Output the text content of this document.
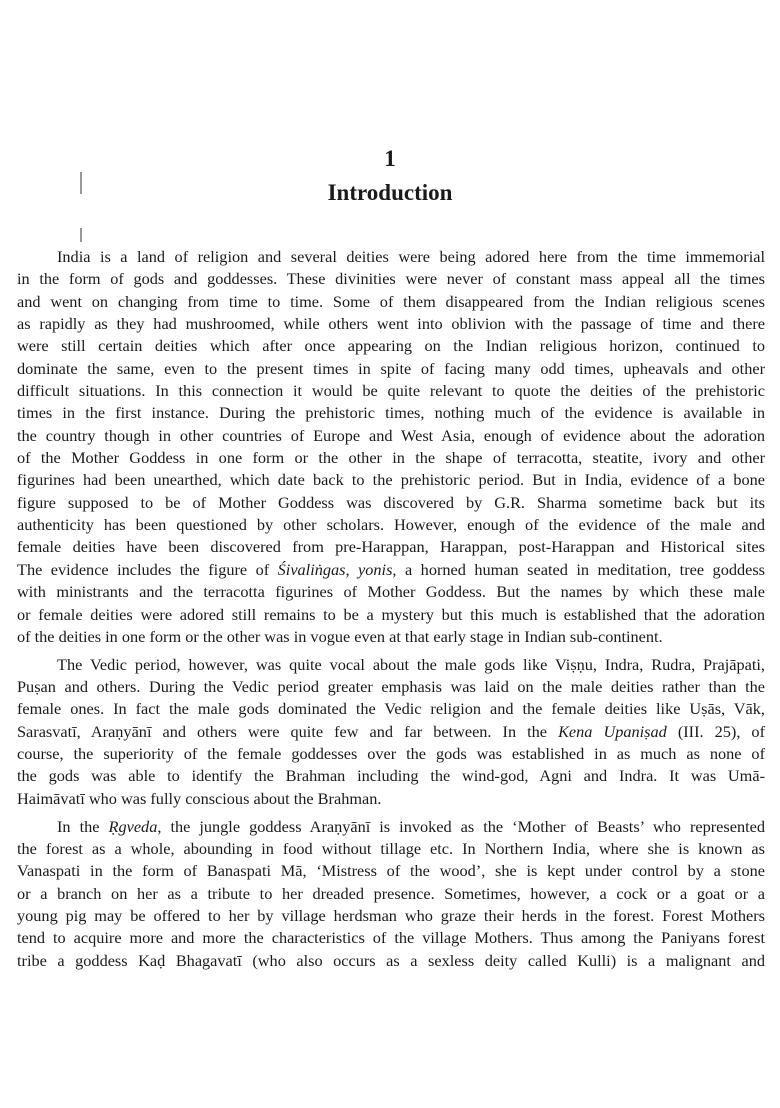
1
Introduction
India is a land of religion and several deities were being adored here from the time immemorial
in the form of gods and goddesses. These divinities were never of constant mass appeal all the times
and went on changing from time to time. Some of them disappeared from the Indian religious scenes
as rapidly as they had mushroomed, while others went into oblivion with the passage of time and there
were still certain deities which after once appearing on the Indian religious horizon, continued to
dominate the same, even to the present times in spite of facing many odd times, upheavals and other
difficult situations. In this connection it would be quite relevant to quote the deities of the prehistoric
times in the first instance. During the prehistoric times, nothing much of the evidence is available in
the country though in other countries of Europe and West Asia, enough of evidence about the adoration
of the Mother Goddess in one form or the other in the shape of terracotta, steatite, ivory and other
figurines had been unearthed, which date back to the prehistoric period. But in India, evidence of a bone
figure supposed to be of Mother Goddess was discovered by G.R. Sharma sometime back but its
authenticity has been questioned by other scholars. However, enough of the evidence of the male and
female deities have been discovered from pre-Harappan, Harappan, post-Harappan and Historical sites
The evidence includes the figure of Śivaliṅgas, yonis, a horned human seated in meditation, tree goddess
with ministrants and the terracotta figurines of Mother Goddess. But the names by which these male
or female deities were adored still remains to be a mystery but this much is established that the adoration
of the deities in one form or the other was in vogue even at that early stage in Indian sub-continent.
The Vedic period, however, was quite vocal about the male gods like Viṣṇu, Indra, Rudra, Prajāpati,
Puṣan and others. During the Vedic period greater emphasis was laid on the male deities rather than the
female ones. In fact the male gods dominated the Vedic religion and the female deities like Uṣās, Vāk,
Sarasvatī, Araṇyānī and others were quite few and far between. In the Kena Upaniṣad (III. 25), of
course, the superiority of the female goddesses over the gods was established in as much as none of
the gods was able to identify the Brahman including the wind-god, Agni and Indra. It was Umā-
Haimāvatī who was fully conscious about the Brahman.
In the Ṛgveda, the jungle goddess Araṇyānī is invoked as the ‘Mother of Beasts’ who represented
the forest as a whole, abounding in food without tillage etc. In Northern India, where she is known as
Vanaspati in the form of Banaspati Mā, ‘Mistress of the wood’, she is kept under control by a stone
or a branch on her as a tribute to her dreaded presence. Sometimes, however, a cock or a goat or a
young pig may be offered to her by village herdsman who graze their herds in the forest. Forest Mothers
tend to acquire more and more the characteristics of the village Mothers. Thus among the Paniyans forest
tribe a goddess Kaḍ Bhagavatī (who also occurs as a sexless deity called Kulli) is a malignant and
